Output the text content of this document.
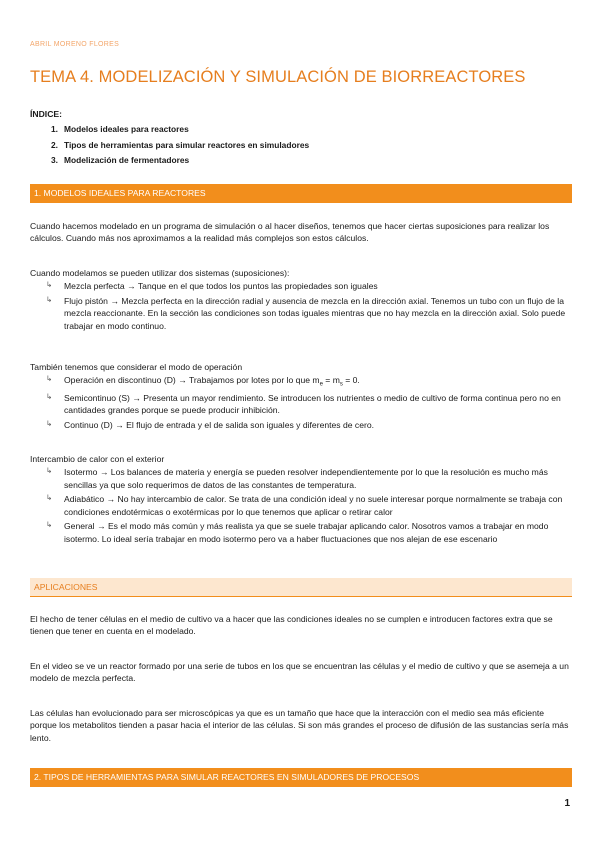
ABRIL MORENO FLORES
TEMA 4. MODELIZACIÓN Y SIMULACIÓN DE BIORREACTORES
ÍNDICE:
1. Modelos ideales para reactores
2. Tipos de herramientas para simular reactores en simuladores
3. Modelización de fermentadores
1. MODELOS IDEALES PARA REACTORES
Cuando hacemos modelado en un programa de simulación o al hacer diseños, tenemos que hacer ciertas suposiciones para realizar los cálculos. Cuando más nos aproximamos a la realidad más complejos son estos cálculos.
Cuando modelamos se pueden utilizar dos sistemas (suposiciones):
↳ Mezcla perfecta → Tanque en el que todos los puntos las propiedades son iguales
↳ Flujo pistón → Mezcla perfecta en la dirección radial y ausencia de mezcla en la dirección axial. Tenemos un tubo con un flujo de la mezcla reaccionante. En la sección las condiciones son todas iguales mientras que no hay mezcla en la dirección axial. Solo puede trabajar en modo continuo.
También tenemos que considerar el modo de operación
↳ Operación en discontinuo (D) → Trabajamos por lotes por lo que $m_e = m_s = 0$.
↳ Semicontinuo (S) → Presenta un mayor rendimiento. Se introducen los nutrientes o medio de cultivo de forma continua pero no en cantidades grandes porque se puede producir inhibición.
↳ Continuo (D) → El flujo de entrada y el de salida son iguales y diferentes de cero.
Intercambio de calor con el exterior
↳ Isotermo → Los balances de materia y energía se pueden resolver independientemente por lo que la resolución es mucho más sencillas ya que solo requerimos de datos de las constantes de temperatura.
↳ Adiabático → No hay intercambio de calor. Se trata de una condición ideal y no suele interesar porque normalmente se trabaja con condiciones endotérmicas o exotérmicas por lo que tenemos que aplicar o retirar calor
↳ General → Es el modo más común y más realista ya que se suele trabajar aplicando calor. Nosotros vamos a trabajar en modo isotermo. Lo ideal sería trabajar en modo isotermo pero va a haber fluctuaciones que nos alejan de ese escenario
APLICACIONES
El hecho de tener células en el medio de cultivo va a hacer que las condiciones ideales no se cumplen e introducen factores extra que se tienen que tener en cuenta en el modelado.
En el video se ve un reactor formado por una serie de tubos en los que se encuentran las células y el medio de cultivo y que se asemeja a un modelo de mezcla perfecta.
Las células han evolucionado para ser microscópicas ya que es un tamaño que hace que la interacción con el medio sea más eficiente porque los metabolitos tienden a pasar hacia el interior de las células. Si son más grandes el proceso de difusión de las sustancias sería más lento.
2. TIPOS DE HERRAMIENTAS PARA SIMULAR REACTORES EN SIMULADORES DE PROCESOS
1
